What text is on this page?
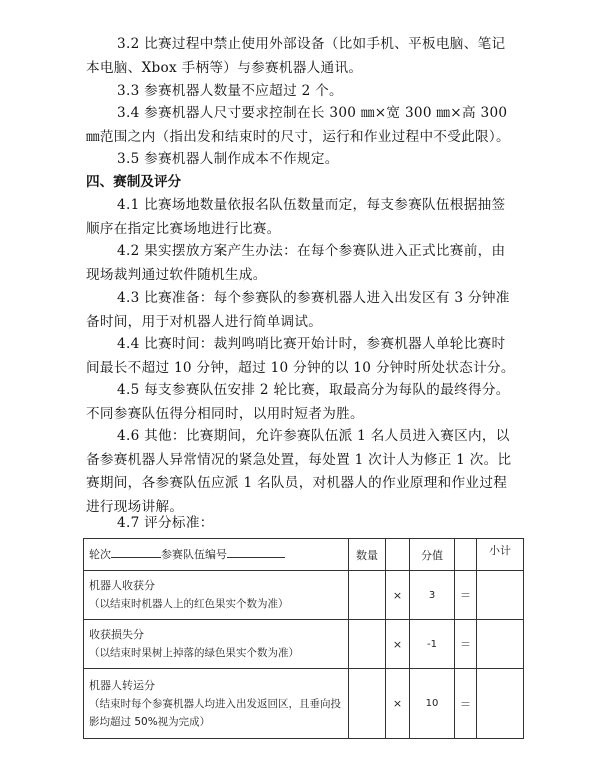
3.2 比赛过程中禁止使用外部设备（比如手机、平板电脑、笔记本电脑、Xbox 手柄等）与参赛机器人通讯。

3.3 参赛机器人数量不应超过 2 个。

3.4 参赛机器人尺寸要求控制在长 300 ㎜×宽 300 ㎜×高 300 ㎜范围之内（指出发和结束时的尺寸，运行和作业过程中不受此限）。

3.5 参赛机器人制作成本不作规定。

四、赛制及评分

4.1 比赛场地数量依报名队伍数量而定，每支参赛队伍根据抽签顺序在指定比赛场地进行比赛。

4.2 果实摆放方案产生办法：在每个参赛队进入正式比赛前，由现场裁判通过软件随机生成。

4.3 比赛准备：每个参赛队的参赛机器人进入出发区有 3 分钟准备时间，用于对机器人进行简单调试。

4.4 比赛时间：裁判鸣哨比赛开始计时，参赛机器人单轮比赛时间最长不超过 10 分钟，超过 10 分钟的以 10 分钟时所处状态计分。

4.5 每支参赛队伍安排 2 轮比赛，取最高分为每队的最终得分。不同参赛队伍得分相同时，以用时短者为胜。

4.6 其他：比赛期间，允许参赛队伍派 1 名人员进入赛区内，以备参赛机器人异常情况的紧急处置，每处置 1 次计人为修正 1 次。比赛期间，各参赛队伍应派 1 名队员，对机器人的作业原理和作业过程进行现场讲解。

4.7 评分标准：

轮次 参赛队伍编号	数量		分值		小计

机器人收获分
（以结束时机器人上的红色果实个数为准）		×	3	＝	

收获损失分
（以结束时果树上掉落的绿色果实个数为准）		×	-1	＝	

机器人转运分
（结束时每个参赛机器人均进入出发返回区，且垂向投影均超过 50%视为完成）		×	10	＝	
